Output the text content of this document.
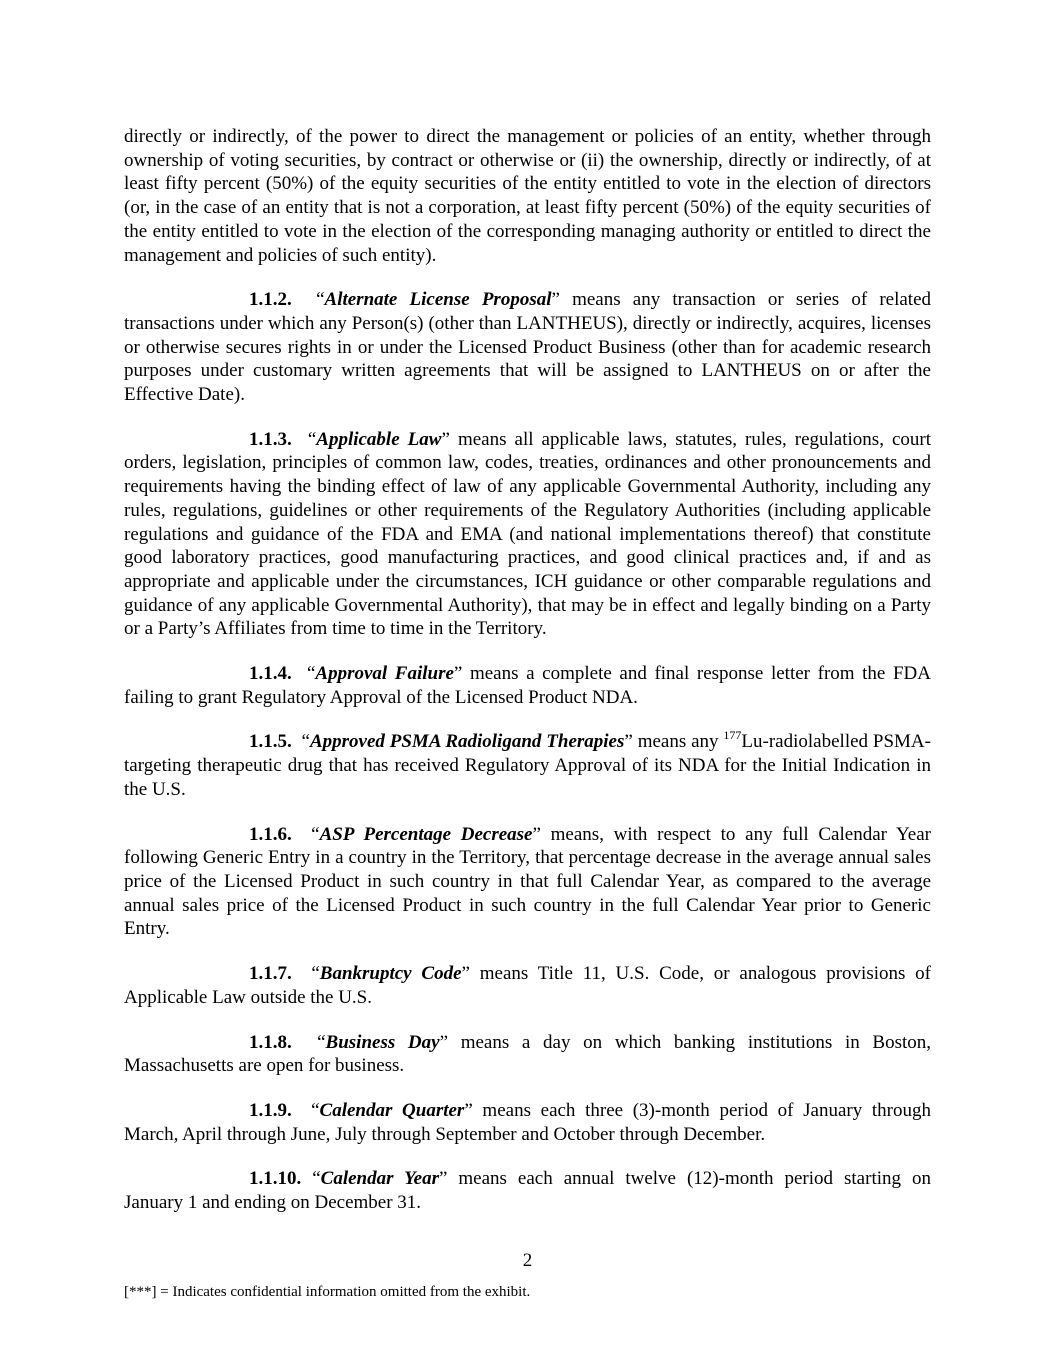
directly or indirectly, of the power to direct the management or policies of an entity, whether through ownership of voting securities, by contract or otherwise or (ii) the ownership, directly or indirectly, of at least fifty percent (50%) of the equity securities of the entity entitled to vote in the election of directors (or, in the case of an entity that is not a corporation, at least fifty percent (50%) of the equity securities of the entity entitled to vote in the election of the corresponding managing authority or entitled to direct the management and policies of such entity).

1.1.2.  “Alternate License Proposal” means any transaction or series of related transactions under which any Person(s) (other than LANTHEUS), directly or indirectly, acquires, licenses or otherwise secures rights in or under the Licensed Product Business (other than for academic research purposes under customary written agreements that will be assigned to LANTHEUS on or after the Effective Date).

1.1.3.  “Applicable Law” means all applicable laws, statutes, rules, regulations, court orders, legislation, principles of common law, codes, treaties, ordinances and other pronouncements and requirements having the binding effect of law of any applicable Governmental Authority, including any rules, regulations, guidelines or other requirements of the Regulatory Authorities (including applicable regulations and guidance of the FDA and EMA (and national implementations thereof) that constitute good laboratory practices, good manufacturing practices, and good clinical practices and, if and as appropriate and applicable under the circumstances, ICH guidance or other comparable regulations and guidance of any applicable Governmental Authority), that may be in effect and legally binding on a Party or a Party’s Affiliates from time to time in the Territory.

1.1.4.  “Approval Failure” means a complete and final response letter from the FDA failing to grant Regulatory Approval of the Licensed Product NDA.

1.1.5.  “Approved PSMA Radioligand Therapies” means any $^{177}$Lu-radiolabelled PSMA-targeting therapeutic drug that has received Regulatory Approval of its NDA for the Initial Indication in the U.S.

1.1.6.  “ASP Percentage Decrease” means, with respect to any full Calendar Year following Generic Entry in a country in the Territory, that percentage decrease in the average annual sales price of the Licensed Product in such country in that full Calendar Year, as compared to the average annual sales price of the Licensed Product in such country in the full Calendar Year prior to Generic Entry.

1.1.7.  “Bankruptcy Code” means Title 11, U.S. Code, or analogous provisions of Applicable Law outside the U.S.

1.1.8.  “Business Day” means a day on which banking institutions in Boston, Massachusetts are open for business.

1.1.9.  “Calendar Quarter” means each three (3)-month period of January through March, April through June, July through September and October through December.

1.1.10. “Calendar Year” means each annual twelve (12)-month period starting on January 1 and ending on December 31.

2
[***] = Indicates confidential information omitted from the exhibit.
